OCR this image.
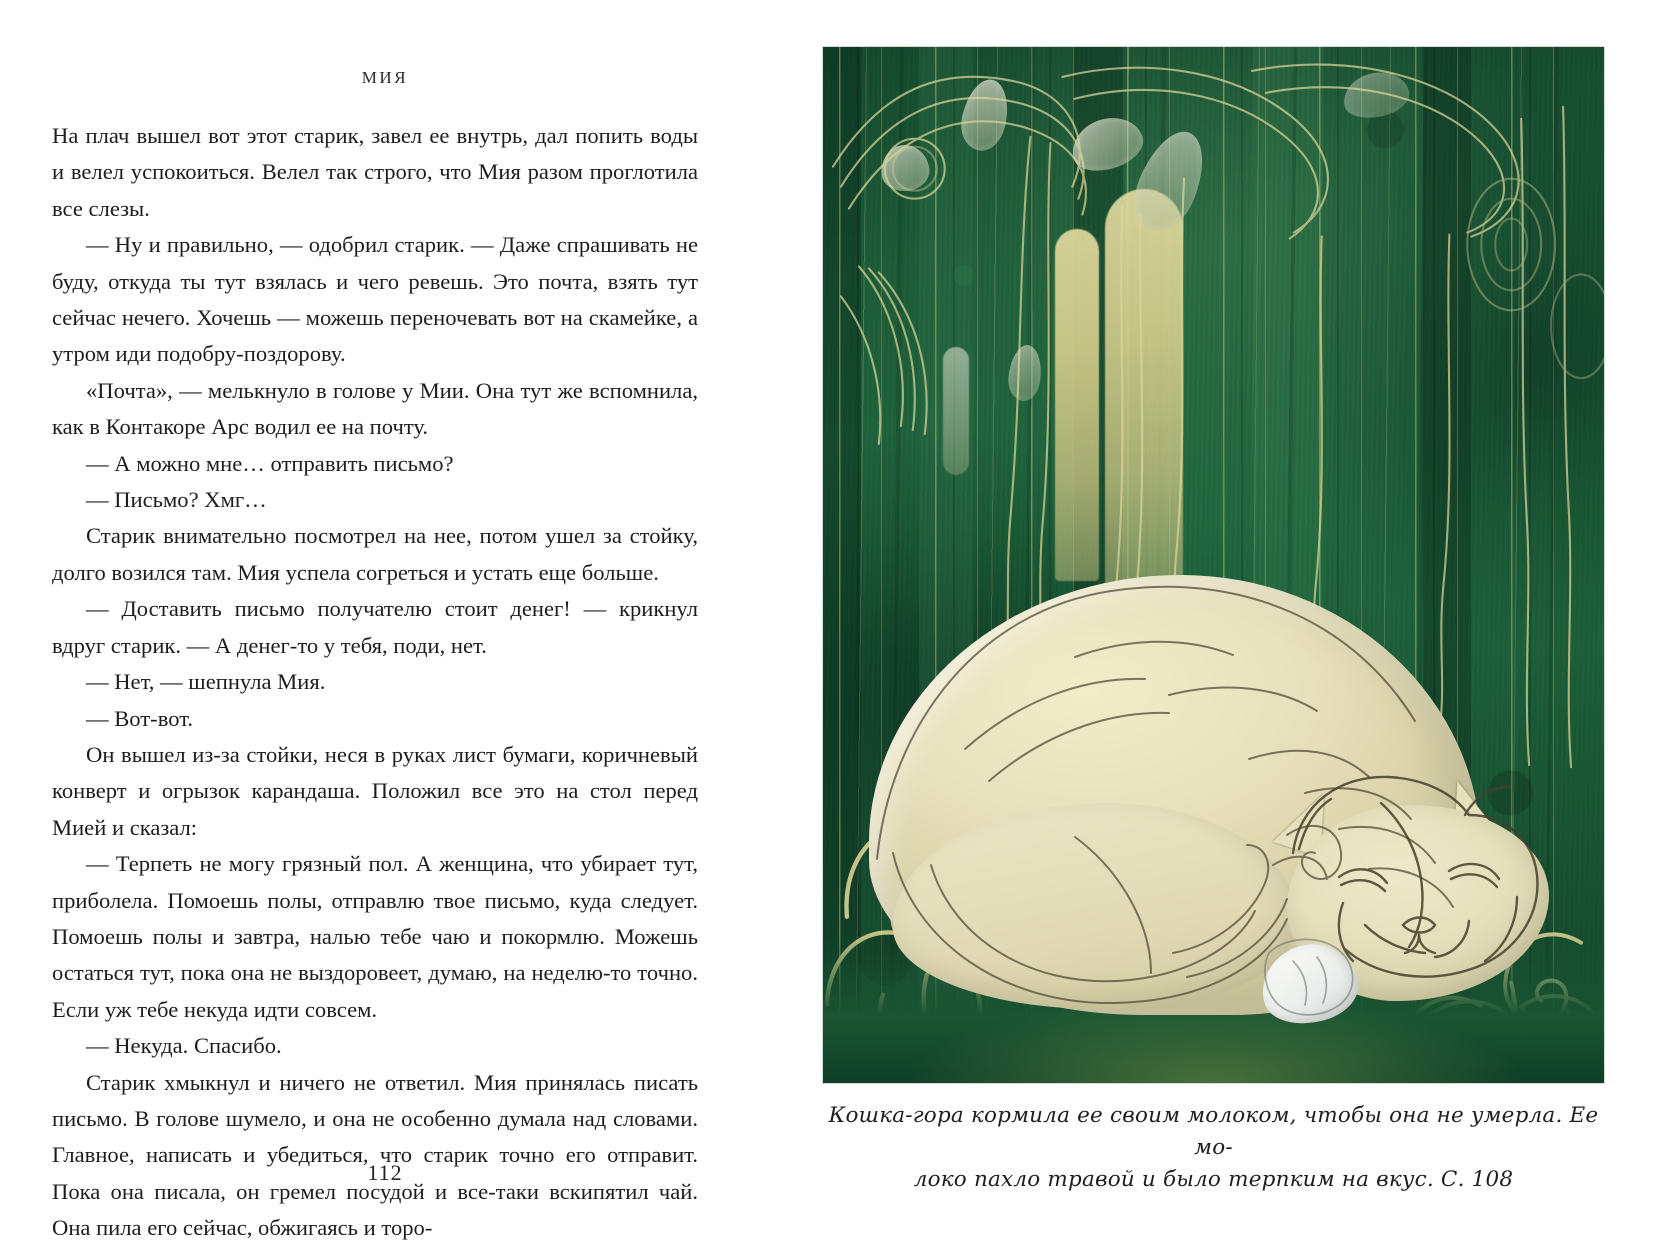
МИЯ

На плач вышел вот этот старик, завел ее внутрь, дал попить воды и велел успокоиться. Велел так строго, что Мия разом проглотила все слезы.

— Ну и правильно, — одобрил старик. — Даже спрашивать не буду, откуда ты тут взялась и чего ревешь. Это почта, взять тут сейчас нечего. Хочешь — можешь переночевать вот на скамейке, а утром иди подобру-поздорову.

«Почта», — мелькнуло в голове у Мии. Она тут же вспомнила, как в Контакоре Арс водил ее на почту.

— А можно мне… отправить письмо?

— Письмо? Хмг…

Старик внимательно посмотрел на нее, потом ушел за стойку, долго возился там. Мия успела согреться и устать еще больше.

— Доставить письмо получателю стоит денег! — крикнул вдруг старик. — А денег-то у тебя, поди, нет.

— Нет, — шепнула Мия.

— Вот-вот.

Он вышел из-за стойки, неся в руках лист бумаги, коричневый конверт и огрызок карандаша. Положил все это на стол перед Мией и сказал:

— Терпеть не могу грязный пол. А женщина, что убирает тут, приболела. Помоешь полы, отправлю твое письмо, куда следует. Помоешь полы и завтра, налью тебе чаю и покормлю. Можешь остаться тут, пока она не выздоровеет, думаю, на неделю-то точно. Если уж тебе некуда идти совсем.

— Некуда. Спасибо.

Старик хмыкнул и ничего не ответил. Мия принялась писать письмо. В голове шумело, и она не особенно думала над словами. Главное, написать и убедиться, что старик точно его отправит. Пока она писала, он гремел посудой и все-таки вскипятил чай. Она пила его сейчас, обжигаясь и торо-

112
Кошка-гора кормила ее своим молоком, чтобы она не умерла. Ее мо-
локо пахло травой и было терпким на вкус. С. 108
